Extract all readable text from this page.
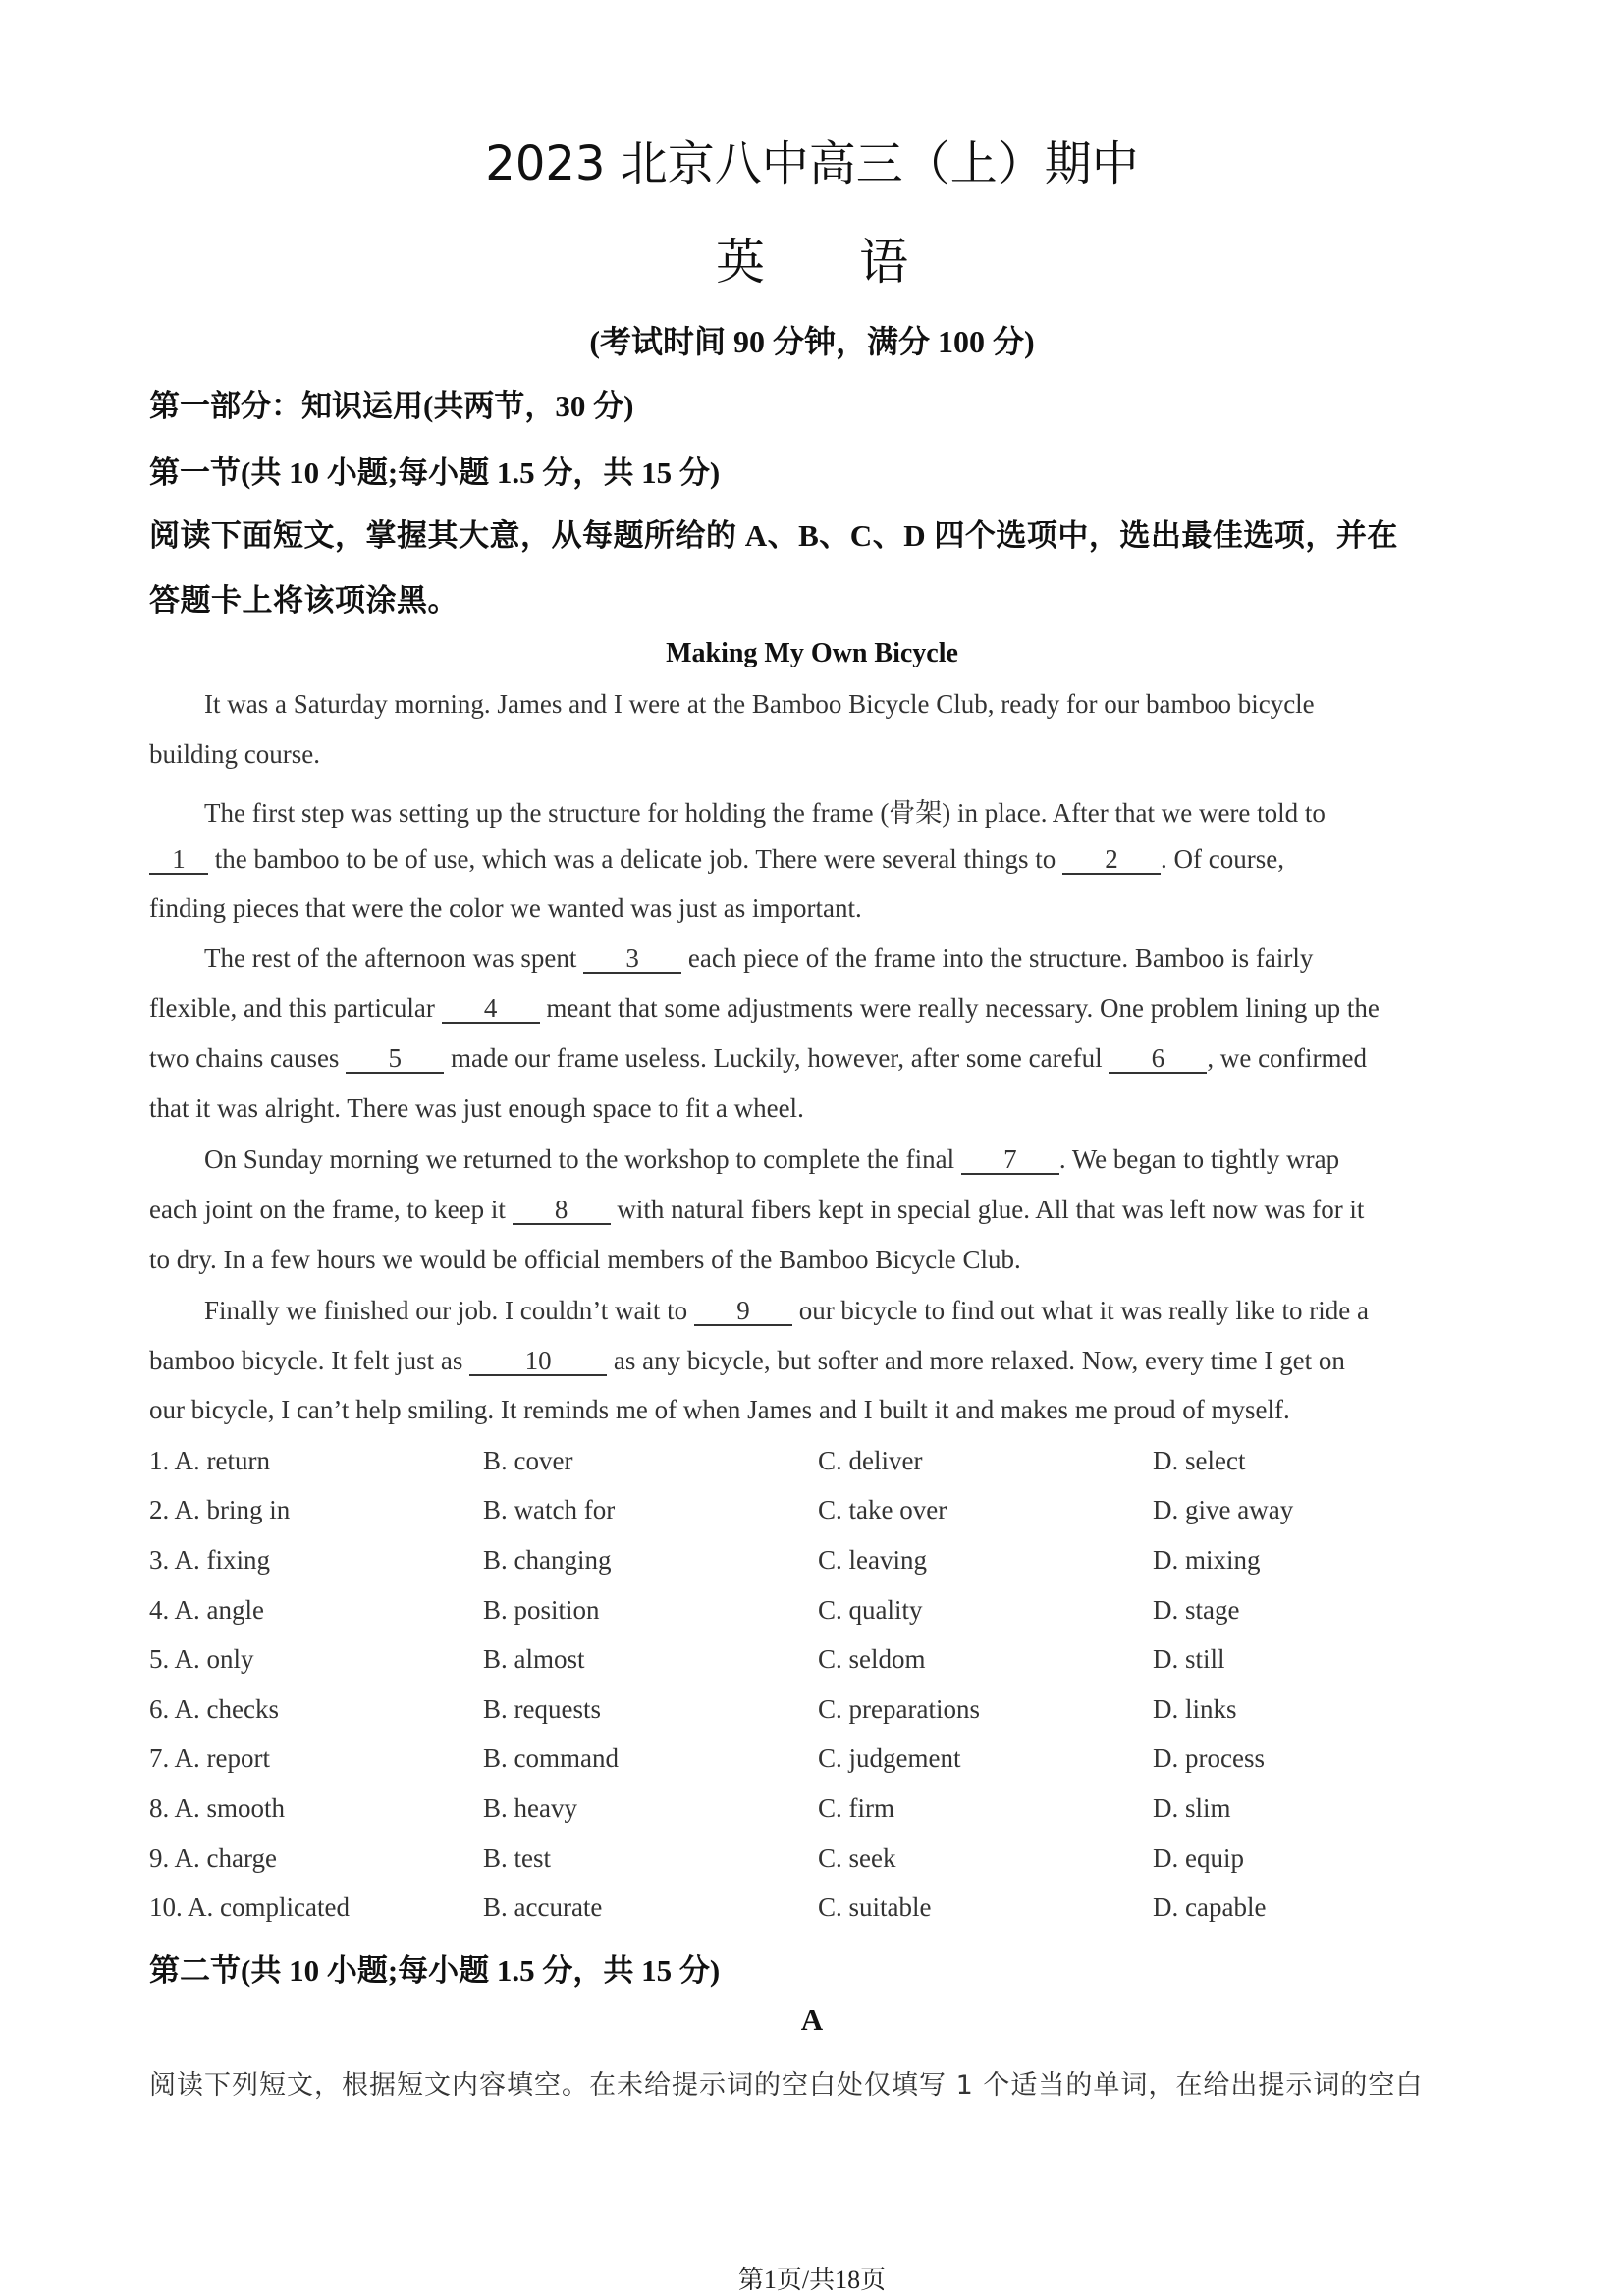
2023 北京八中高三（上）期中
英 语
(考试时间 90 分钟，满分 100 分)
第一部分：知识运用(共两节，30 分)
第一节(共 10 小题;每小题 1.5 分，共 15 分)
阅读下面短文，掌握其大意，从每题所给的 A、B、C、D 四个选项中，选出最佳选项，并在
答题卡上将该项涂黑。
Making My Own Bicycle
It was a Saturday morning. James and I were at the Bamboo Bicycle Club, ready for our bamboo bicycle
building course.
The first step was setting up the structure for holding the frame (骨架) in place. After that we were told to
1 the bamboo to be of use, which was a delicate job. There were several things to 2 . Of course,
finding pieces that were the color we wanted was just as important.
The rest of the afternoon was spent 3 each piece of the frame into the structure. Bamboo is fairly
flexible, and this particular 4 meant that some adjustments were really necessary. One problem lining up the
two chains causes 5 made our frame useless. Luckily, however, after some careful 6 , we confirmed
that it was alright. There was just enough space to fit a wheel.
On Sunday morning we returned to the workshop to complete the final 7 . We began to tightly wrap
each joint on the frame, to keep it 8 with natural fibers kept in special glue. All that was left now was for it
to dry. In a few hours we would be official members of the Bamboo Bicycle Club.
Finally we finished our job. I couldn’t wait to 9 our bicycle to find out what it was really like to ride a
bamboo bicycle. It felt just as 10 as any bicycle, but softer and more relaxed. Now, every time I get on
our bicycle, I can’t help smiling. It reminds me of when James and I built it and makes me proud of myself.
1. A. return	B. cover	C. deliver	D. select
2. A. bring in	B. watch for	C. take over	D. give away
3. A. fixing	B. changing	C. leaving	D. mixing
4. A. angle	B. position	C. quality	D. stage
5. A. only	B. almost	C. seldom	D. still
6. A. checks	B. requests	C. preparations	D. links
7. A. report	B. command	C. judgement	D. process
8. A. smooth	B. heavy	C. firm	D. slim
9. A. charge	B. test	C. seek	D. equip
10. A. complicated	B. accurate	C. suitable	D. capable
第二节(共 10 小题;每小题 1.5 分，共 15 分)
A
阅读下列短文，根据短文内容填空。在未给提示词的空白处仅填写 1 个适当的单词，在给出提示词的空白
第1页/共18页
